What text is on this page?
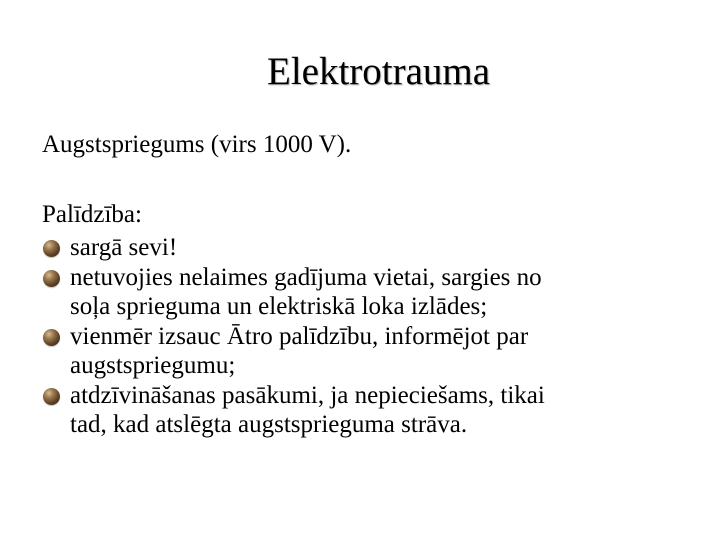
Elektrotrauma
Augstspriegums (virs 1000 V).
Palīdzība:
sargā sevi!
netuvojies nelaimes gadījuma vietai, sargies no
soļa sprieguma un elektriskā loka izlādes;
vienmēr izsauc Ātro palīdzību, informējot par
augstspriegumu;
atdzīvināšanas pasākumi, ja nepieciešams, tikai
tad, kad atslēgta augstsprieguma strāva.
